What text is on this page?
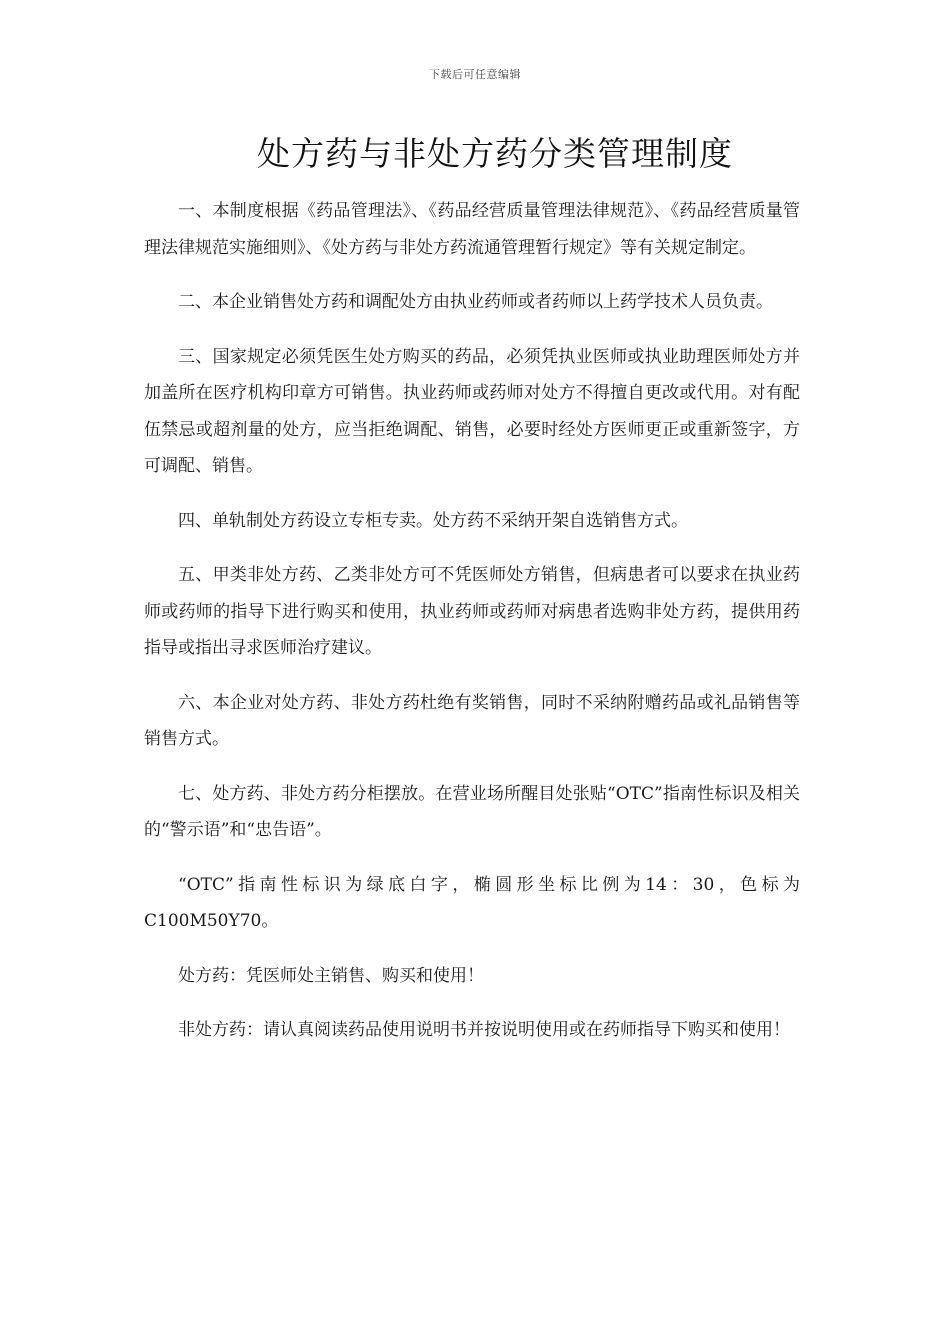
下载后可任意编辑
处方药与非处方药分类管理制度

一、本制度根据《药品管理法》、《药品经营质量管理法律规范》、《药品经营质量管理法律规范实施细则》、《处方药与非处方药流通管理暂行规定》等有关规定制定。

二、本企业销售处方药和调配处方由执业药师或者药师以上药学技术人员负责。

三、国家规定必须凭医生处方购买的药品，必须凭执业医师或执业助理医师处方并加盖所在医疗机构印章方可销售。执业药师或药师对处方不得擅自更改或代用。对有配伍禁忌或超剂量的处方，应当拒绝调配、销售，必要时经处方医师更正或重新签字，方可调配、销售。

四、单轨制处方药设立专柜专卖。处方药不采纳开架自选销售方式。

五、甲类非处方药、乙类非处方可不凭医师处方销售，但病患者可以要求在执业药师或药师的指导下进行购买和使用，执业药师或药师对病患者选购非处方药，提供用药指导或指出寻求医师治疗建议。

六、本企业对处方药、非处方药杜绝有奖销售，同时不采纳附赠药品或礼品销售等销售方式。

七、处方药、非处方药分柜摆放。在营业场所醒目处张贴“OTC”指南性标识及相关的“警示语”和“忠告语”。

“OTC”指南性标识为绿底白字，椭圆形坐标比例为14：30，色标为C100M50Y70。

处方药：凭医师处主销售、购买和使用！

非处方药：请认真阅读药品使用说明书并按说明使用或在药师指导下购买和使用！
